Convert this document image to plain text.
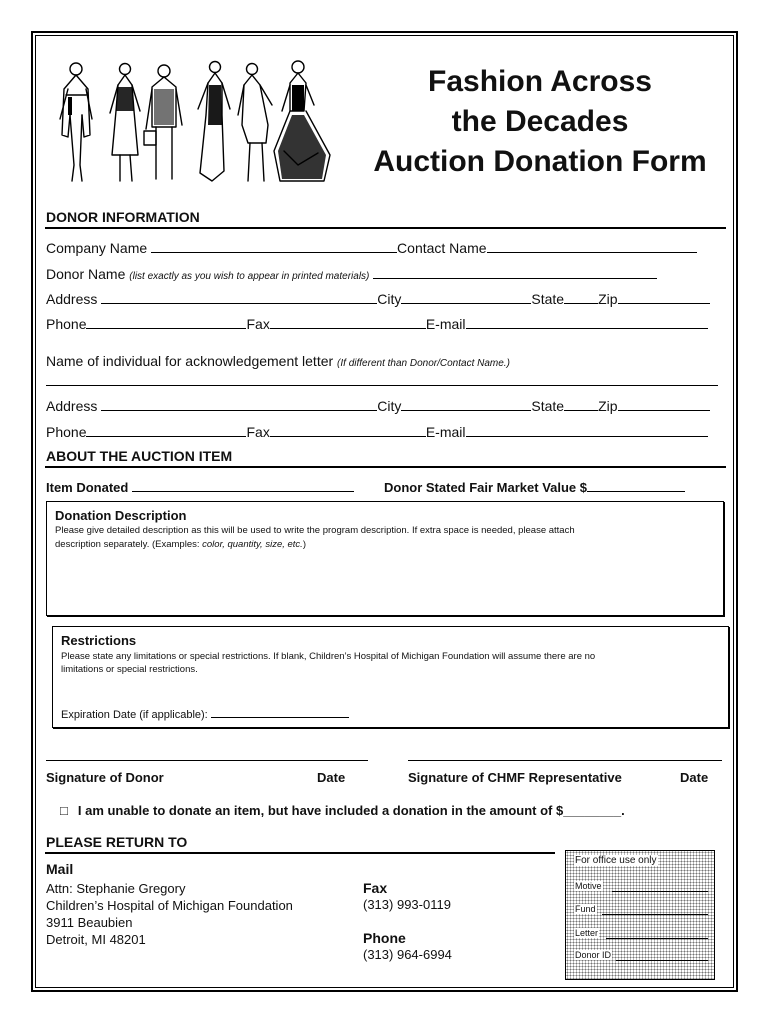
Fashion Across
the Decades
Auction Donation Form
DONOR INFORMATION
Company Name	Contact Name
Donor Name (list exactly as you wish to appear in printed materials)
Address	City	State Zip
Phone	Fax	E-mail
Name of individual for acknowledgement letter (If different than Donor/Contact Name.)
Address	City	State Zip
Phone	Fax	E-mail
ABOUT THE AUCTION ITEM
Item Donated	Donor Stated Fair Market Value $
Donation Description
Please give detailed description as this will be used to write the program description. If extra space is needed, please attach
description separately. (Examples: color, quantity, size, etc.)
Restrictions
Please state any limitations or special restrictions. If blank, Children’s Hospital of Michigan Foundation will assume there are no
limitations or special restrictions.
Expiration Date (if applicable):
Signature of Donor	Date	Signature of CHMF Representative	Date
□ I am unable to donate an item, but have included a donation in the amount of $________.
PLEASE RETURN TO
Mail
Attn: Stephanie Gregory
Children’s Hospital of Michigan Foundation
3911 Beaubien
Detroit, MI 48201
Fax
(313) 993-0119
Phone
(313) 964-6994
For office use only
Motive
Fund
Letter
Donor ID
